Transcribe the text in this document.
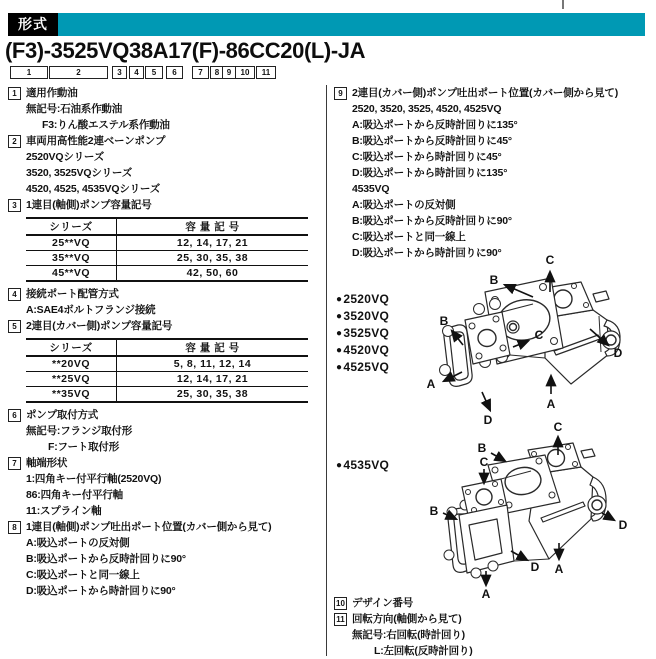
形式
(F3)-3525VQ38A17(F)-86CC20(L)-JA
1	2	3	4	5	6	7	8 9	10	11
1 適用作動油
無記号:石油系作動油
F3:りん酸エステル系作動油
2 車両用高性能2連ベーンポンプ
2520VQシリーズ
3520, 3525VQシリーズ
4520, 4525, 4535VQシリーズ
3 1連目(軸側)ポンプ容量記号
シリーズ	容 量 記 号
25**VQ	12, 14, 17, 21
35**VQ	25, 30, 35, 38
45**VQ	42, 50, 60
4 接続ポート配管方式
A:SAE4ボルトフランジ接続
5 2連目(カバー側)ポンプ容量記号
シリーズ	容 量 記 号
**20VQ	5, 8, 11, 12, 14
**25VQ	12, 14, 17, 21
**35VQ	25, 30, 35, 38
6 ポンプ取付方式
無記号:フランジ取付形
F:フート取付形
7 軸端形状
1:四角キー付平行軸(2520VQ)
86:四角キー付平行軸
11:スプライン軸
8 1連目(軸側)ポンプ吐出ポート位置(カバー側から見て)
A:吸込ポートの反対側
B:吸込ポートから反時計回りに90°
C:吸込ポートと同一線上
D:吸込ポートから時計回りに90°
9 2連目(カバー側)ポンプ吐出ポート位置(カバー側から見て)
2520, 3520, 3525, 4520, 4525VQ
A:吸込ポートから反時計回りに135°
B:吸込ポートから反時計回りに45°
C:吸込ポートから時計回りに45°
D:吸込ポートから時計回りに135°
4535VQ
A:吸込ポートの反対側
B:吸込ポートから反時計回りに90°
C:吸込ポートと同一線上
D:吸込ポートから時計回りに90°
● 2520VQ
● 3520VQ
● 3525VQ
● 4520VQ
● 4525VQ
C
B
B
C
A
D
A
D
● 4535VQ
C
B
C
B
D
A
A
D
10 デザイン番号
11 回転方向(軸側から見て)
無記号:右回転(時計回り)
L:左回転(反時計回り)
